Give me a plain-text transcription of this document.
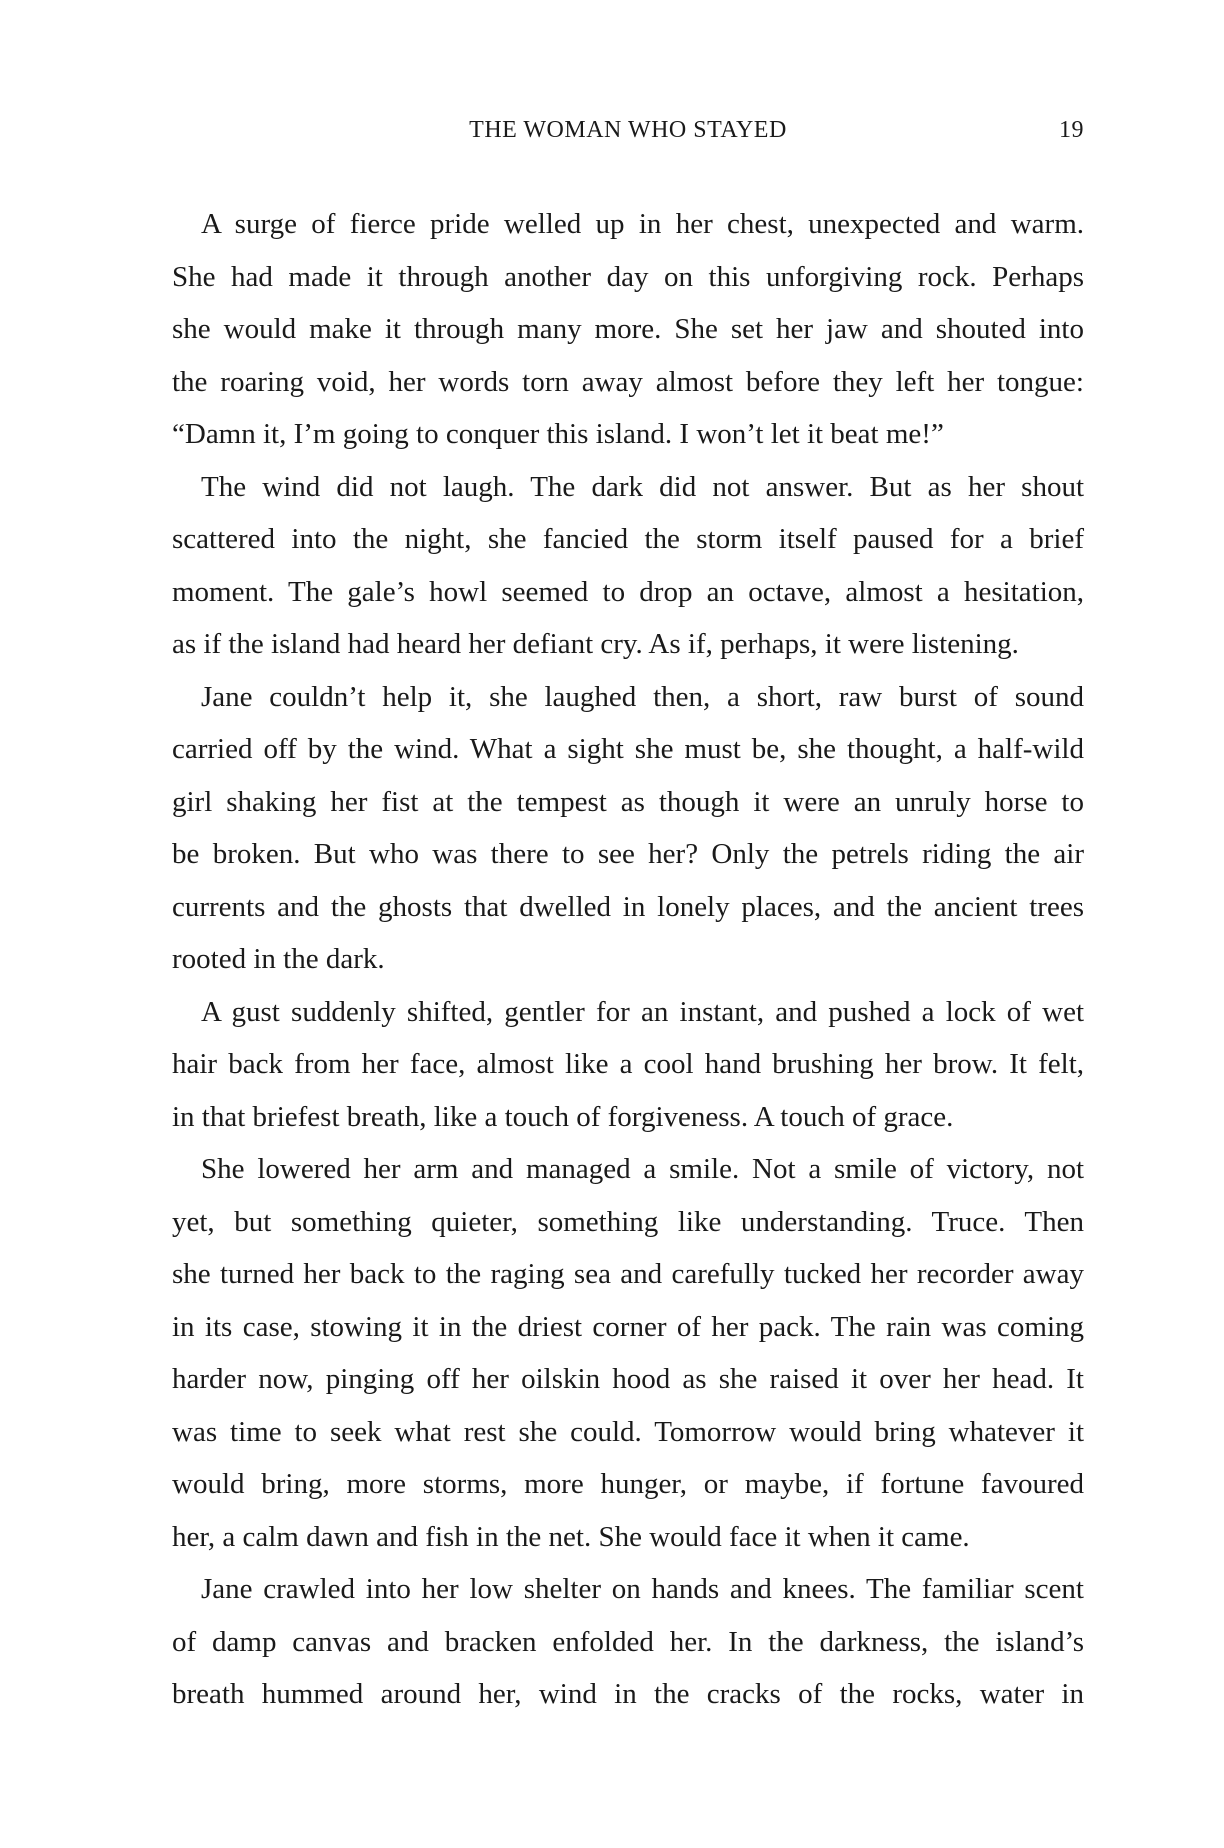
THE WOMAN WHO STAYED	19
A surge of fierce pride welled up in her chest, unexpected and warm.
She had made it through another day on this unforgiving rock. Perhaps
she would make it through many more. She set her jaw and shouted into
the roaring void, her words torn away almost before they left her tongue:
“Damn it, I’m going to conquer this island. I won’t let it beat me!”
The wind did not laugh. The dark did not answer. But as her shout
scattered into the night, she fancied the storm itself paused for a brief
moment. The gale’s howl seemed to drop an octave, almost a hesitation,
as if the island had heard her defiant cry. As if, perhaps, it were listening.
Jane couldn’t help it, she laughed then, a short, raw burst of sound
carried off by the wind. What a sight she must be, she thought, a half-wild
girl shaking her fist at the tempest as though it were an unruly horse to
be broken. But who was there to see her? Only the petrels riding the air
currents and the ghosts that dwelled in lonely places, and the ancient trees
rooted in the dark.
A gust suddenly shifted, gentler for an instant, and pushed a lock of wet
hair back from her face, almost like a cool hand brushing her brow. It felt,
in that briefest breath, like a touch of forgiveness. A touch of grace.
She lowered her arm and managed a smile. Not a smile of victory, not
yet, but something quieter, something like understanding. Truce. Then
she turned her back to the raging sea and carefully tucked her recorder away
in its case, stowing it in the driest corner of her pack. The rain was coming
harder now, pinging off her oilskin hood as she raised it over her head. It
was time to seek what rest she could. Tomorrow would bring whatever it
would bring, more storms, more hunger, or maybe, if fortune favoured
her, a calm dawn and fish in the net. She would face it when it came.
Jane crawled into her low shelter on hands and knees. The familiar scent
of damp canvas and bracken enfolded her. In the darkness, the island’s
breath hummed around her, wind in the cracks of the rocks, water in
